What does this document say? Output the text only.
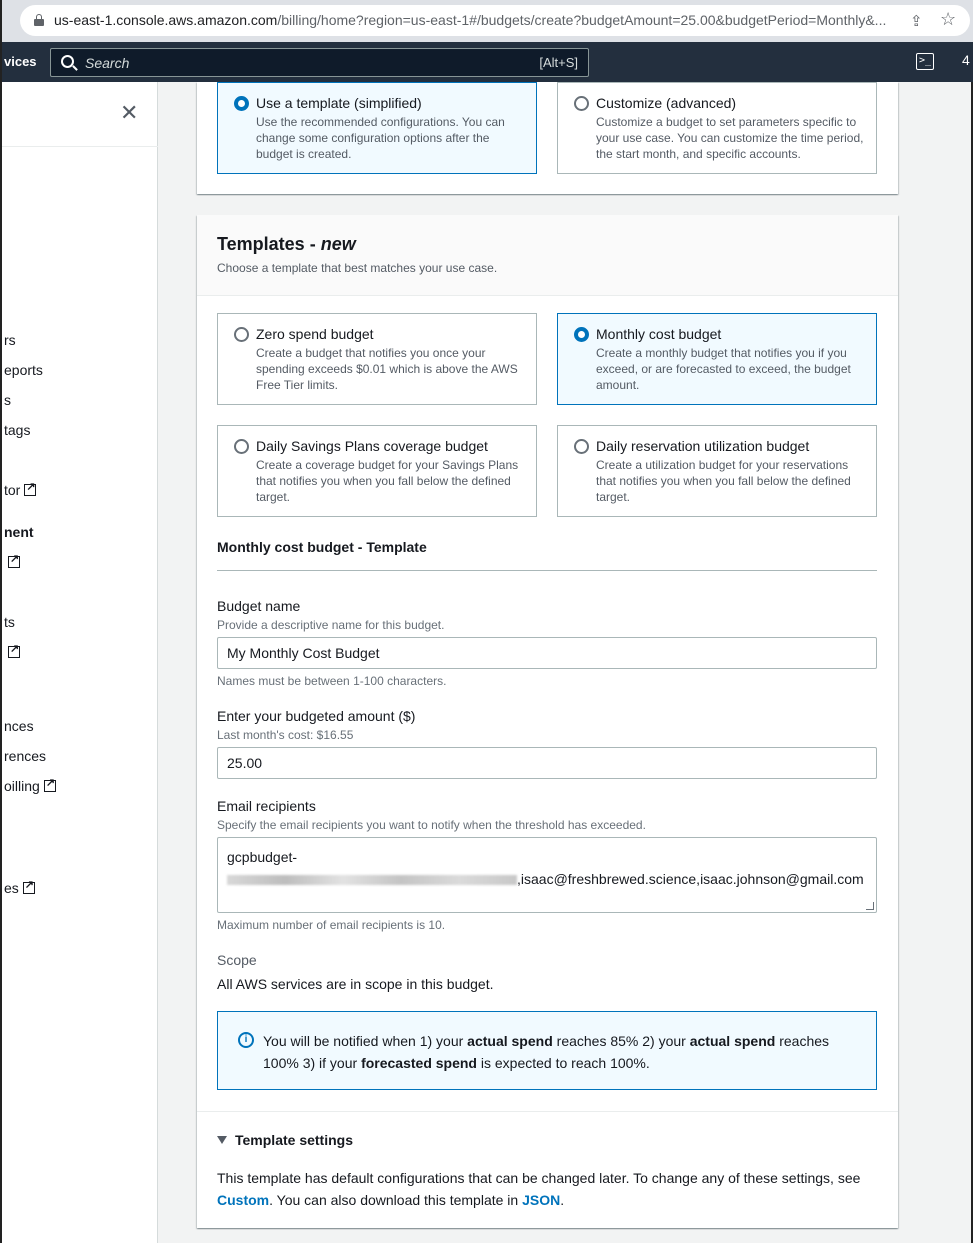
us-east-1.console.aws.amazon.com/billing/home?region=us-east-1#/budgets/create?budgetAmount=25.00&budgetPeriod=Monthly&...	⇪ ☆
vices	Search	[Alt+S]	>_ 4
✕
rs
eports
s
tags
tor↗
nent
↗
ts
↗
nces
rences
oilling↗
es↗
Use a template (simplified)
Use the recommended configurations. You can change some configuration options after the budget is created.
Customize (advanced)
Customize a budget to set parameters specific to your use case. You can customize the time period, the start month, and specific accounts.
Templates - new
Choose a template that best matches your use case.
Zero spend budget
Create a budget that notifies you once your spending exceeds $0.01 which is above the AWS Free Tier limits.
Monthly cost budget
Create a monthly budget that notifies you if you exceed, or are forecasted to exceed, the budget amount.
Daily Savings Plans coverage budget
Create a coverage budget for your Savings Plans that notifies you when you fall below the defined target.
Daily reservation utilization budget
Create a utilization budget for your reservations that notifies you when you fall below the defined target.
Monthly cost budget - Template
Budget name
Provide a descriptive name for this budget.
My Monthly Cost Budget
Names must be between 1-100 characters.
Enter your budgeted amount ($)
Last month's cost: $16.55
25.00
Email recipients
Specify the email recipients you want to notify when the threshold has exceeded.
gcpbudget-
,isaac@freshbrewed.science,isaac.johnson@gmail.com
Maximum number of email recipients is 10.
Scope
All AWS services are in scope in this budget.
i	You will be notified when 1) your actual spend reaches 85% 2) your actual spend reaches 100% 3) if your forecasted spend is expected to reach 100%.
Template settings
This template has default configurations that can be changed later. To change any of these settings, see Custom. You can also download this template in JSON.
